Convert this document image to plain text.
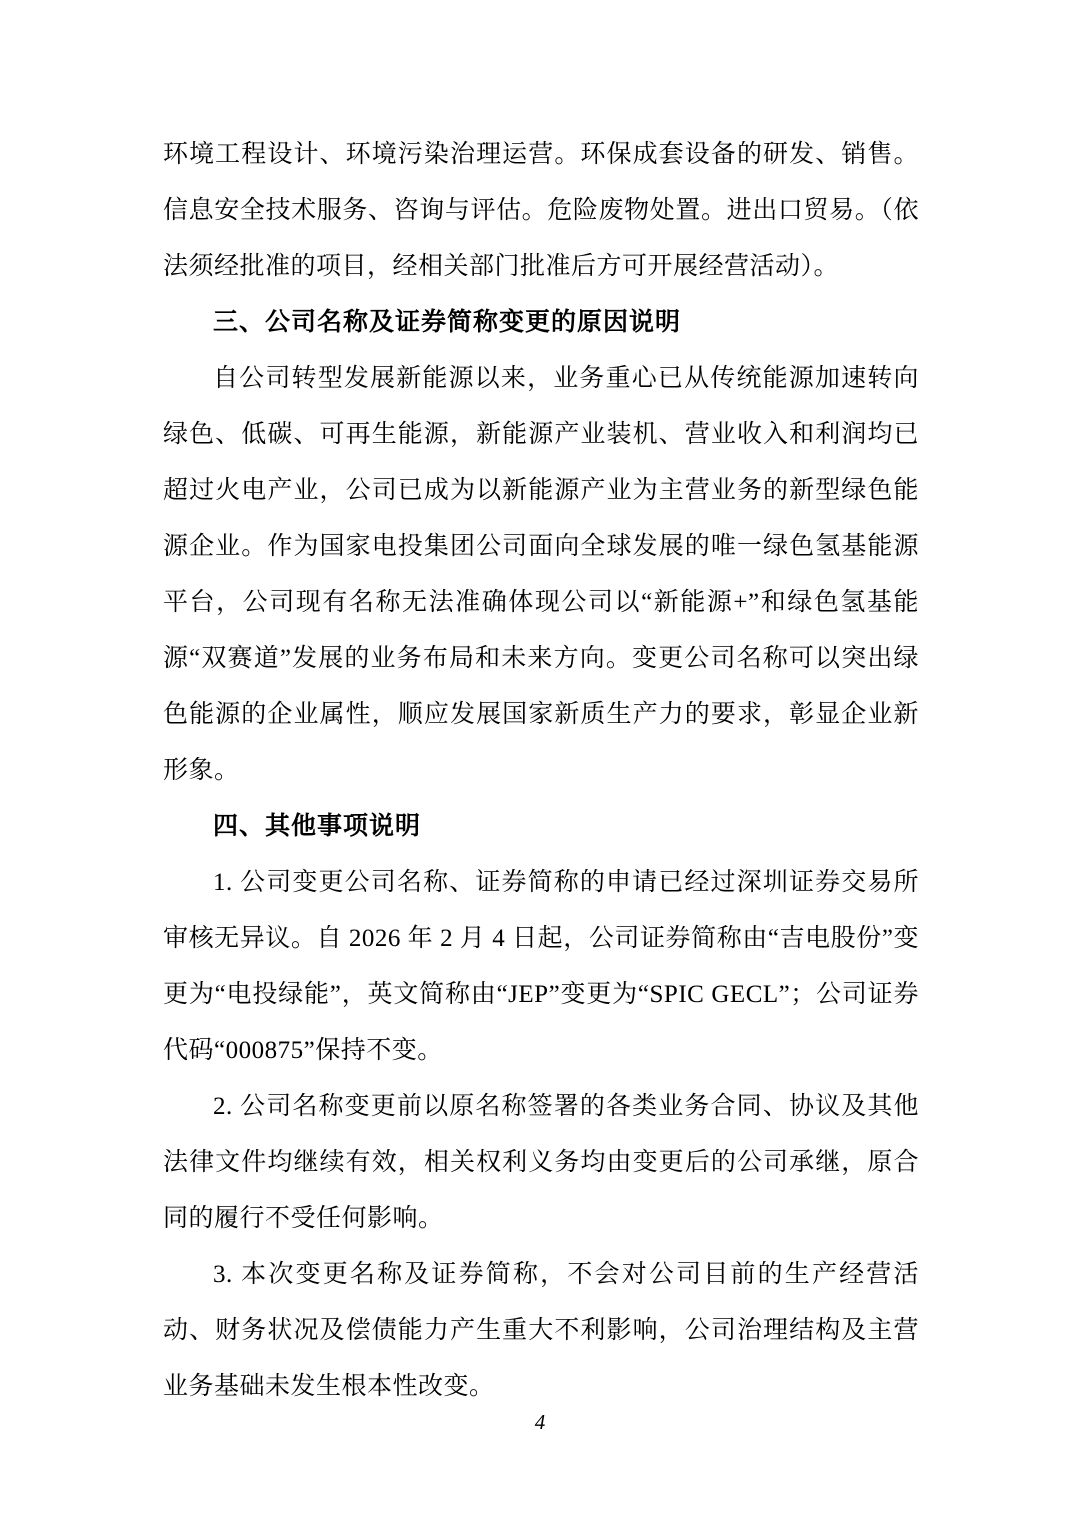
环境工程设计、环境污染治理运营。环保成套设备的研发、销售。信息安全技术服务、咨询与评估。危险废物处置。进出口贸易。（依法须经批准的项目，经相关部门批准后方可开展经营活动）。

三、公司名称及证券简称变更的原因说明

自公司转型发展新能源以来，业务重心已从传统能源加速转向绿色、低碳、可再生能源，新能源产业装机、营业收入和利润均已超过火电产业，公司已成为以新能源产业为主营业务的新型绿色能源企业。作为国家电投集团公司面向全球发展的唯一绿色氢基能源平台，公司现有名称无法准确体现公司以“新能源+”和绿色氢基能源“双赛道”发展的业务布局和未来方向。变更公司名称可以突出绿色能源的企业属性，顺应发展国家新质生产力的要求，彰显企业新形象。

四、其他事项说明

1. 公司变更公司名称、证券简称的申请已经过深圳证券交易所审核无异议。自 2026 年 2 月 4 日起，公司证券简称由“吉电股份”变更为“电投绿能”，英文简称由“JEP”变更为“SPIC GECL”；公司证券代码“000875”保持不变。

2. 公司名称变更前以原名称签署的各类业务合同、协议及其他法律文件均继续有效，相关权利义务均由变更后的公司承继，原合同的履行不受任何影响。

3. 本次变更名称及证券简称，不会对公司目前的生产经营活动、财务状况及偿债能力产生重大不利影响，公司治理结构及主营业务基础未发生根本性改变。

4
